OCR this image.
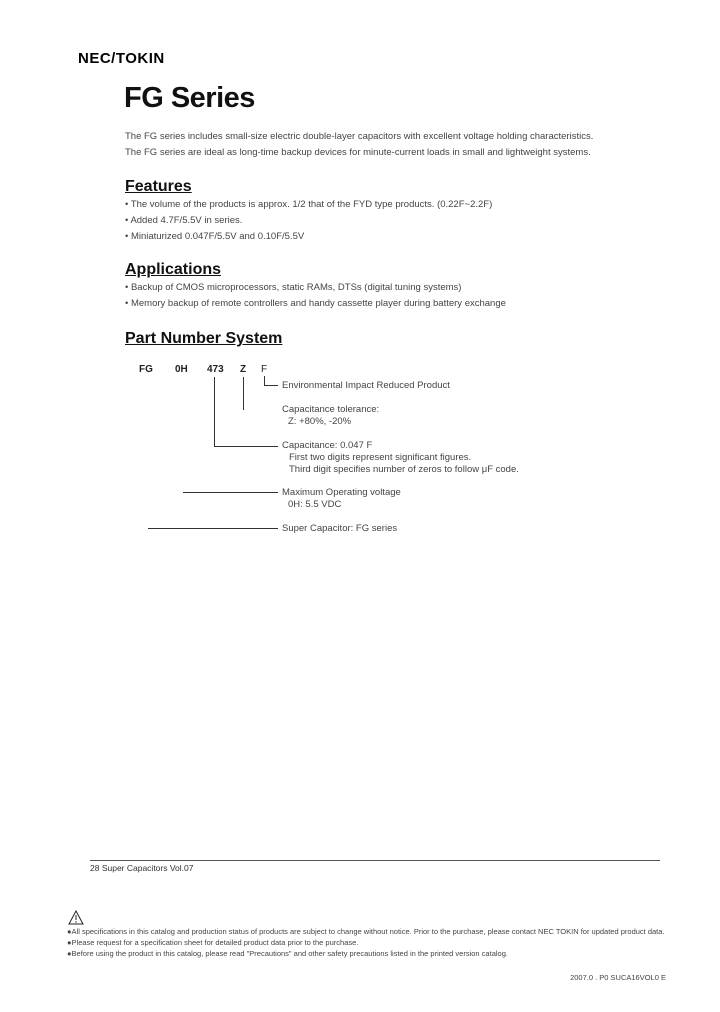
NEC/TOKIN
FG Series
The FG series includes small-size electric double-layer capacitors with excellent voltage holding characteristics.
The FG series are ideal as long-time backup devices for minute-current loads in small and lightweight systems.
Features
• The volume of the products is approx. 1/2 that of the FYD type products. (0.22F~2.2F)
• Added 4.7F/5.5V in series.
• Miniaturized 0.047F/5.5V and 0.10F/5.5V
Applications
• Backup of CMOS microprocessors, static RAMs, DTSs (digital tuning systems)
• Memory backup of remote controllers and handy cassette player during battery exchange
Part Number System
FG 0H 473 Z F
Environmental Impact Reduced Product
Capacitance tolerance:
Z: +80%, -20%
Capacitance: 0.047 F
First two digits represent significant figures.
Third digit specifies number of zeros to follow μF code.
Maximum Operating voltage
0H: 5.5 VDC
Super Capacitor: FG series
28 Super Capacitors Vol.07
●All specifications in this catalog and production status of products are subject to change without notice. Prior to the purchase, please contact NEC TOKIN for updated product data.
●Please request for a specification sheet for detailed product data prior to the purchase.
●Before using the product in this catalog, please read "Precautions" and other safety precautions listed in the printed version catalog.
2007.0 . P0 SUCA16VOL0 E
